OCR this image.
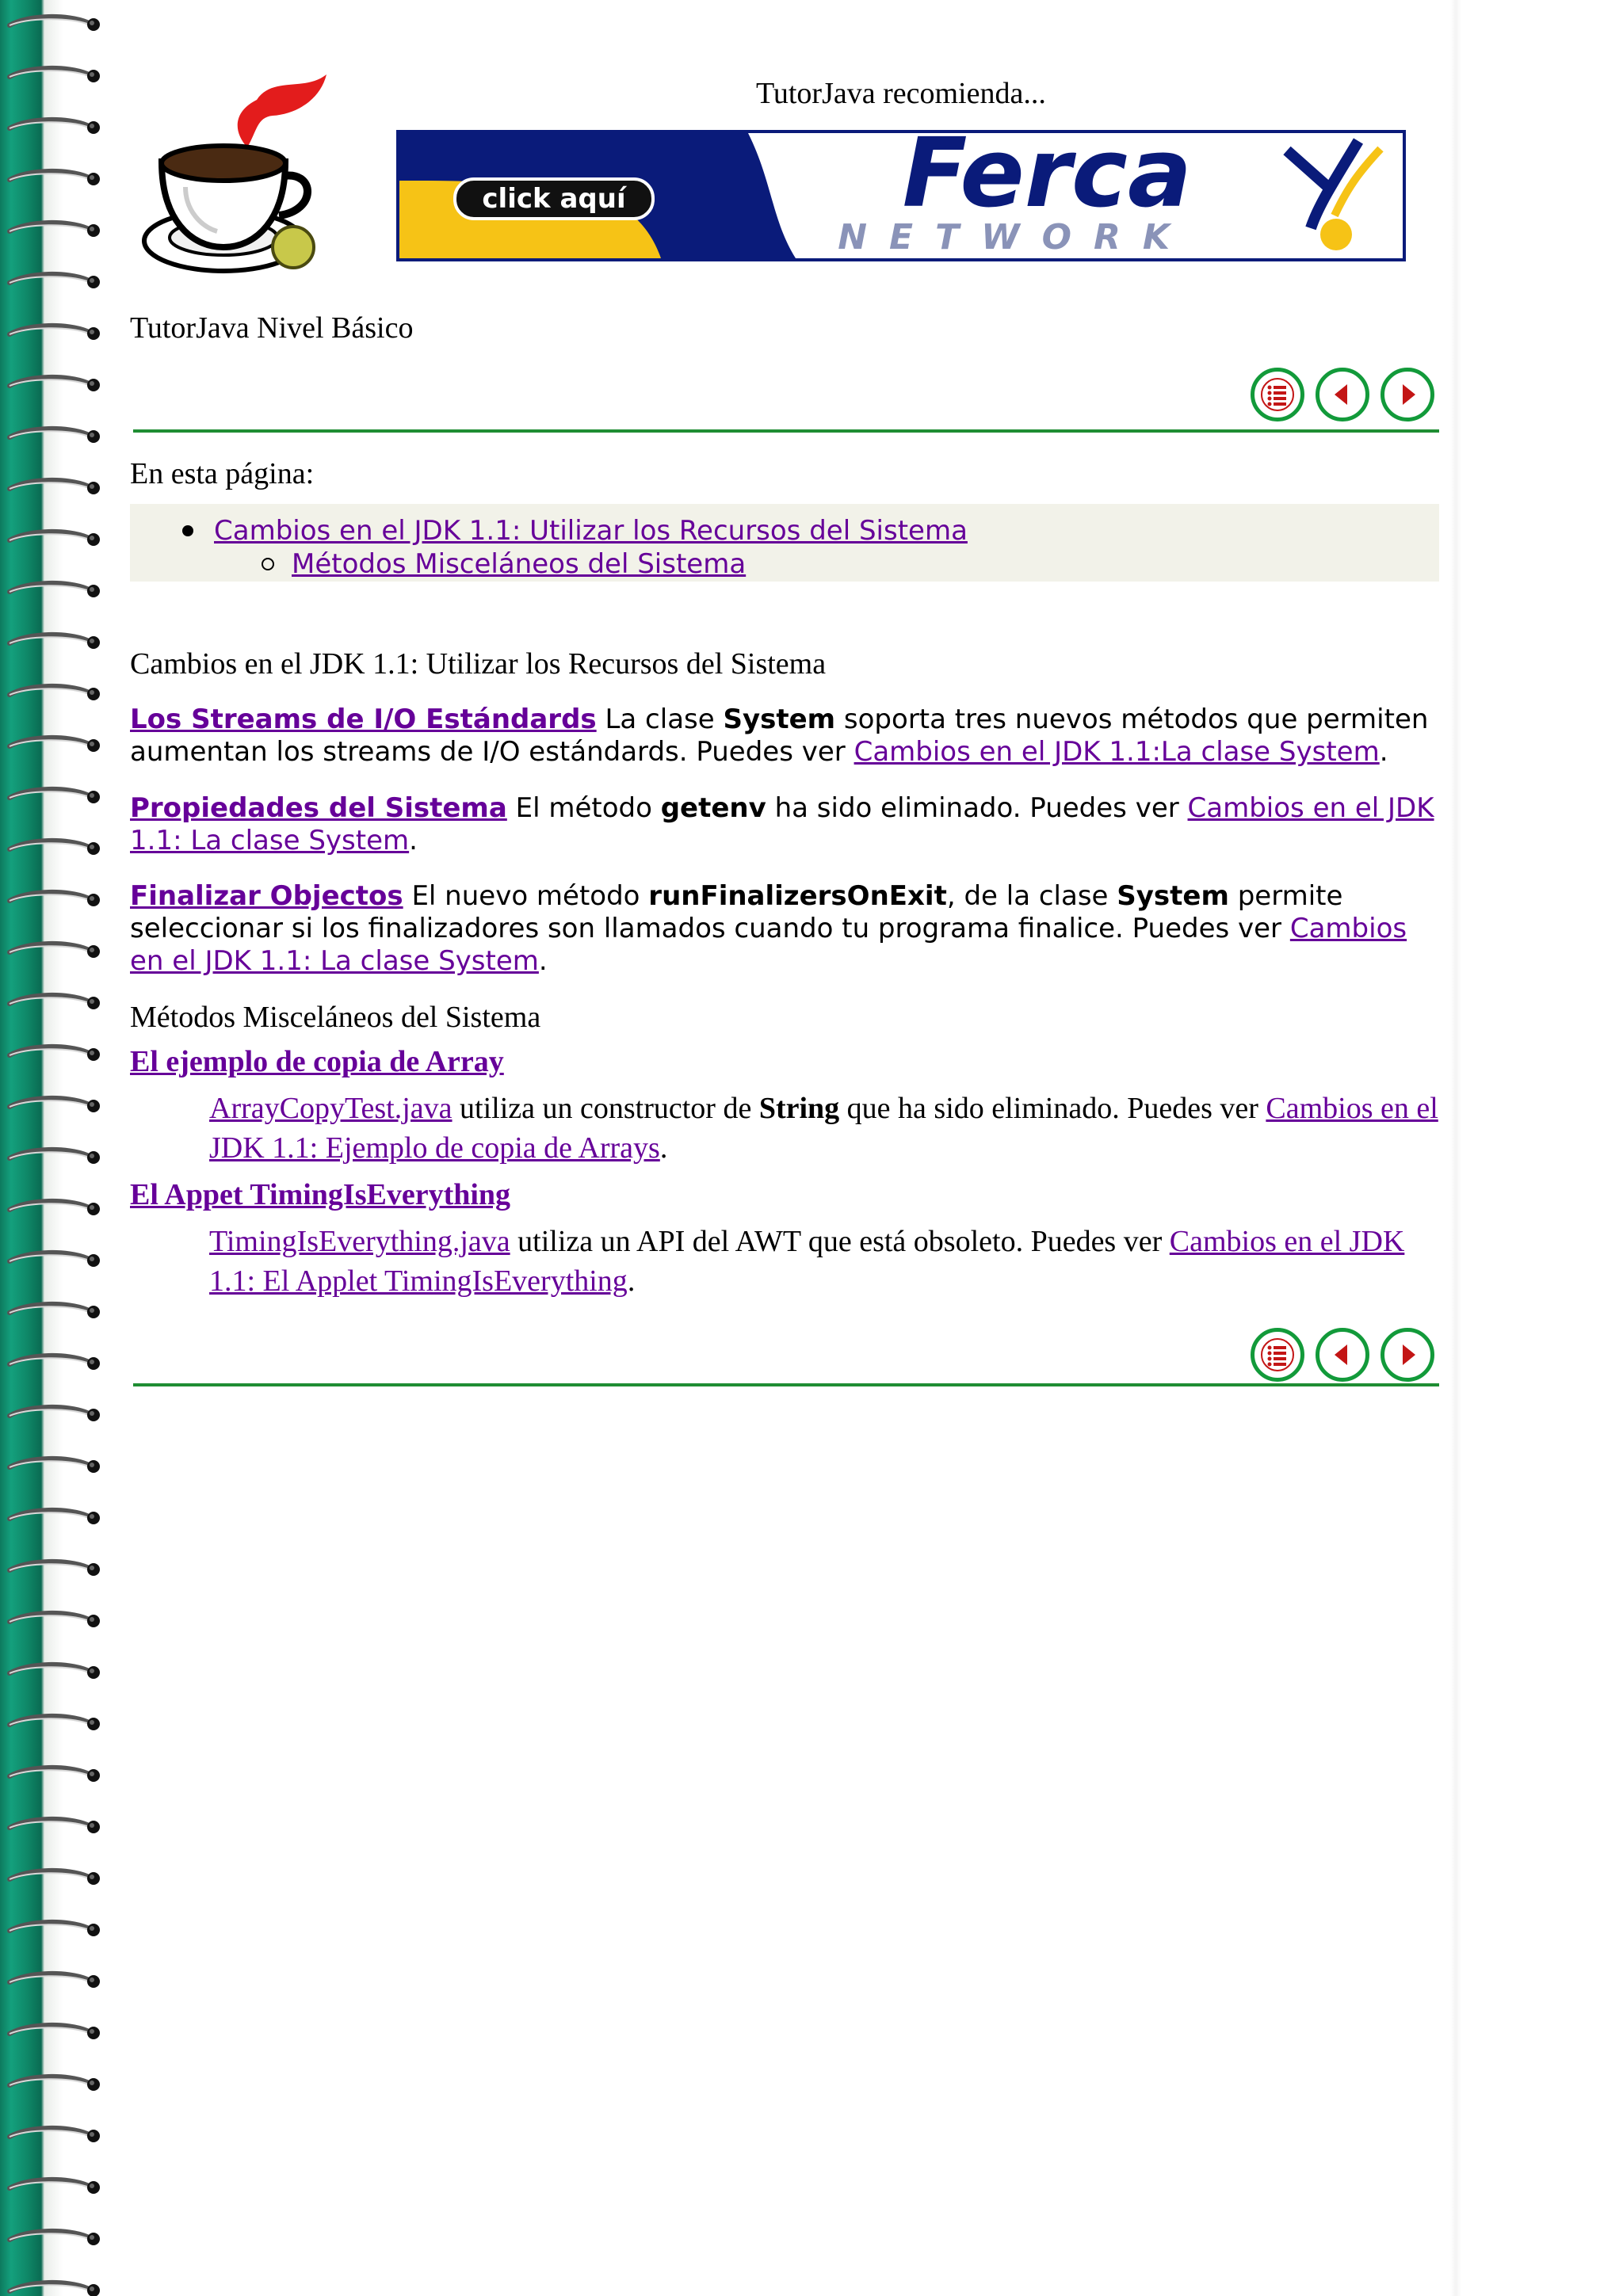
TutorJava recomienda...
click aquí	Ferca
NETWORK
TutorJava Nivel Básico
En esta página:
Cambios en el JDK 1.1: Utilizar los Recursos del Sistema
Métodos Misceláneos del Sistema
Cambios en el JDK 1.1: Utilizar los Recursos del Sistema
Los Streams de I/O Estándards La clase System soporta tres nuevos métodos que permiten aumentan los streams de I/O estándards. Puedes ver Cambios en el JDK 1.1:La clase System.
Propiedades del Sistema El método getenv ha sido eliminado. Puedes ver Cambios en el JDK 1.1: La clase System.
Finalizar Objectos El nuevo método runFinalizersOnExit, de la clase System permite seleccionar si los finalizadores son llamados cuando tu programa finalice. Puedes ver Cambios en el JDK 1.1: La clase System.
Métodos Misceláneos del Sistema
El ejemplo de copia de Array
ArrayCopyTest.java utiliza un constructor de String que ha sido eliminado. Puedes ver Cambios en el JDK 1.1: Ejemplo de copia de Arrays.
El Appet TimingIsEverything
TimingIsEverything.java utiliza un API del AWT que está obsoleto. Puedes ver Cambios en el JDK 1.1: El Applet TimingIsEverything.
